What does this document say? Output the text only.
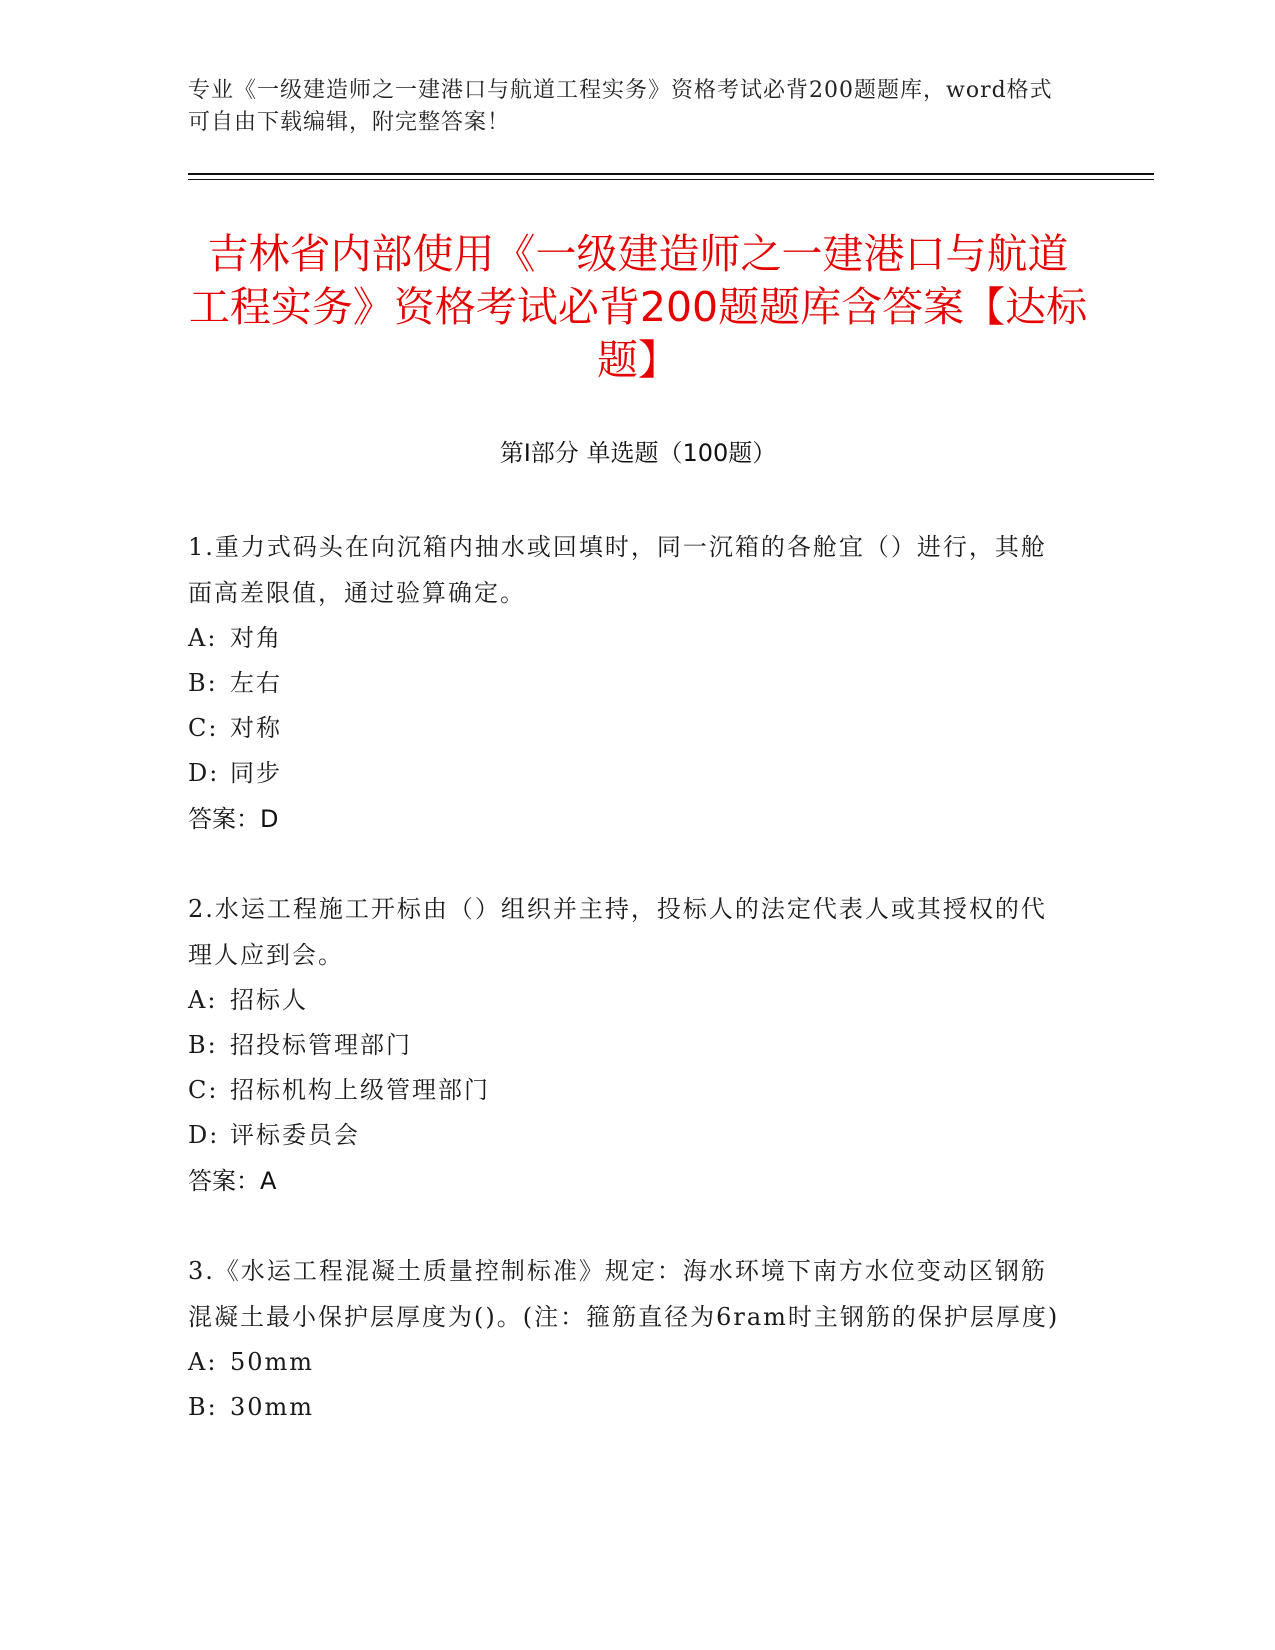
专业《一级建造师之一建港口与航道工程实务》资格考试必背200题题库，word格式可自由下载编辑，附完整答案！
吉林省内部使用《一级建造师之一建港口与航道工程实务》资格考试必背200题题库含答案【达标题】
第Ⅰ部分 单选题（100题）
1.重力式码头在向沉箱内抽水或回填时，同一沉箱的各舱宜（）进行，其舱面高差限值，通过验算确定。
A: 对角
B: 左右
C: 对称
D: 同步
答案：D
2.水运工程施工开标由（）组织并主持，投标人的法定代表人或其授权的代理人应到会。
A: 招标人
B: 招投标管理部门
C: 招标机构上级管理部门
D: 评标委员会
答案：A
3.《水运工程混凝土质量控制标准》规定：海水环境下南方水位变动区钢筋混凝土最小保护层厚度为()。(注：箍筋直径为6ram时主钢筋的保护层厚度)
A: 50mm
B: 30mm
